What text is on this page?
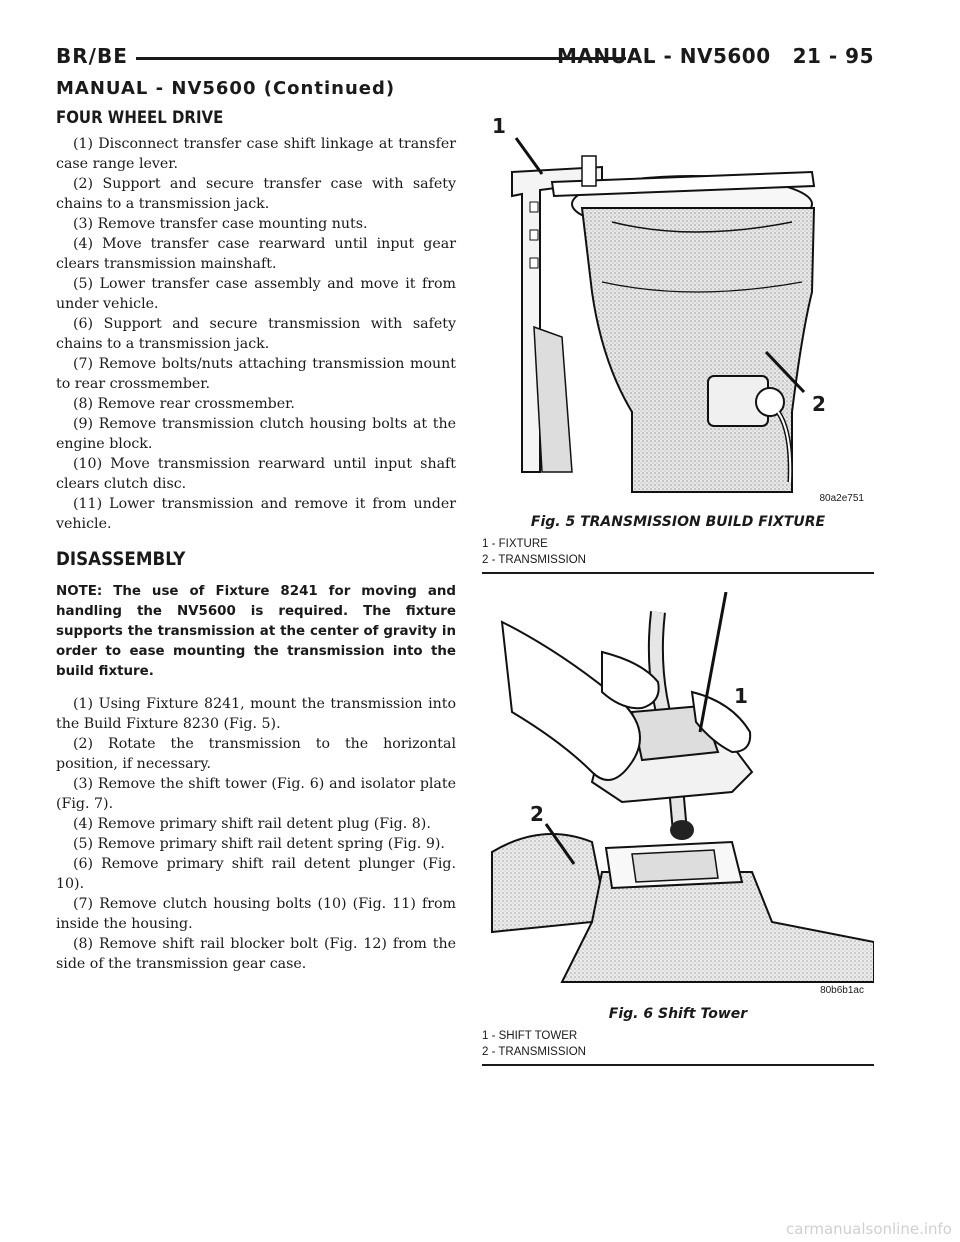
BR/BE	MANUAL - NV5600 21 - 95
MANUAL - NV5600 (Continued)
FOUR WHEEL DRIVE

(1) Disconnect transfer case shift linkage at transfer case range lever.

(2) Support and secure transfer case with safety chains to a transmission jack.

(3) Remove transfer case mounting nuts.

(4) Move transfer case rearward until input gear clears transmission mainshaft.

(5) Lower transfer case assembly and move it from under vehicle.

(6) Support and secure transmission with safety chains to a transmission jack.

(7) Remove bolts/nuts attaching transmission mount to rear crossmember.

(8) Remove rear crossmember.

(9) Remove transmission clutch housing bolts at the engine block.

(10) Move transmission rearward until input shaft clears clutch disc.

(11) Lower transmission and remove it from under vehicle.

DISASSEMBLY

NOTE: The use of Fixture 8241 for moving and handling the NV5600 is required. The fixture supports the transmission at the center of gravity in order to ease mounting the transmission into the build fixture.

(1) Using Fixture 8241, mount the transmission into the Build Fixture 8230 (Fig. 5).

(2) Rotate the transmission to the horizontal position, if necessary.

(3) Remove the shift tower (Fig. 6) and isolator plate (Fig. 7).

(4) Remove primary shift rail detent plug (Fig. 8).

(5) Remove primary shift rail detent spring (Fig. 9).

(6) Remove primary shift rail detent plunger (Fig. 10).

(7) Remove clutch housing bolts (10) (Fig. 11) from inside the housing.

(8) Remove shift rail blocker bolt (Fig. 12) from the side of the transmission gear case.

1
2
80a2e751
Fig. 5 TRANSMISSION BUILD FIXTURE
1 - FIXTURE
2 - TRANSMISSION
1
2
80b6b1ac
Fig. 6 Shift Tower
1 - SHIFT TOWER
2 - TRANSMISSION
carmanualsonline.info
